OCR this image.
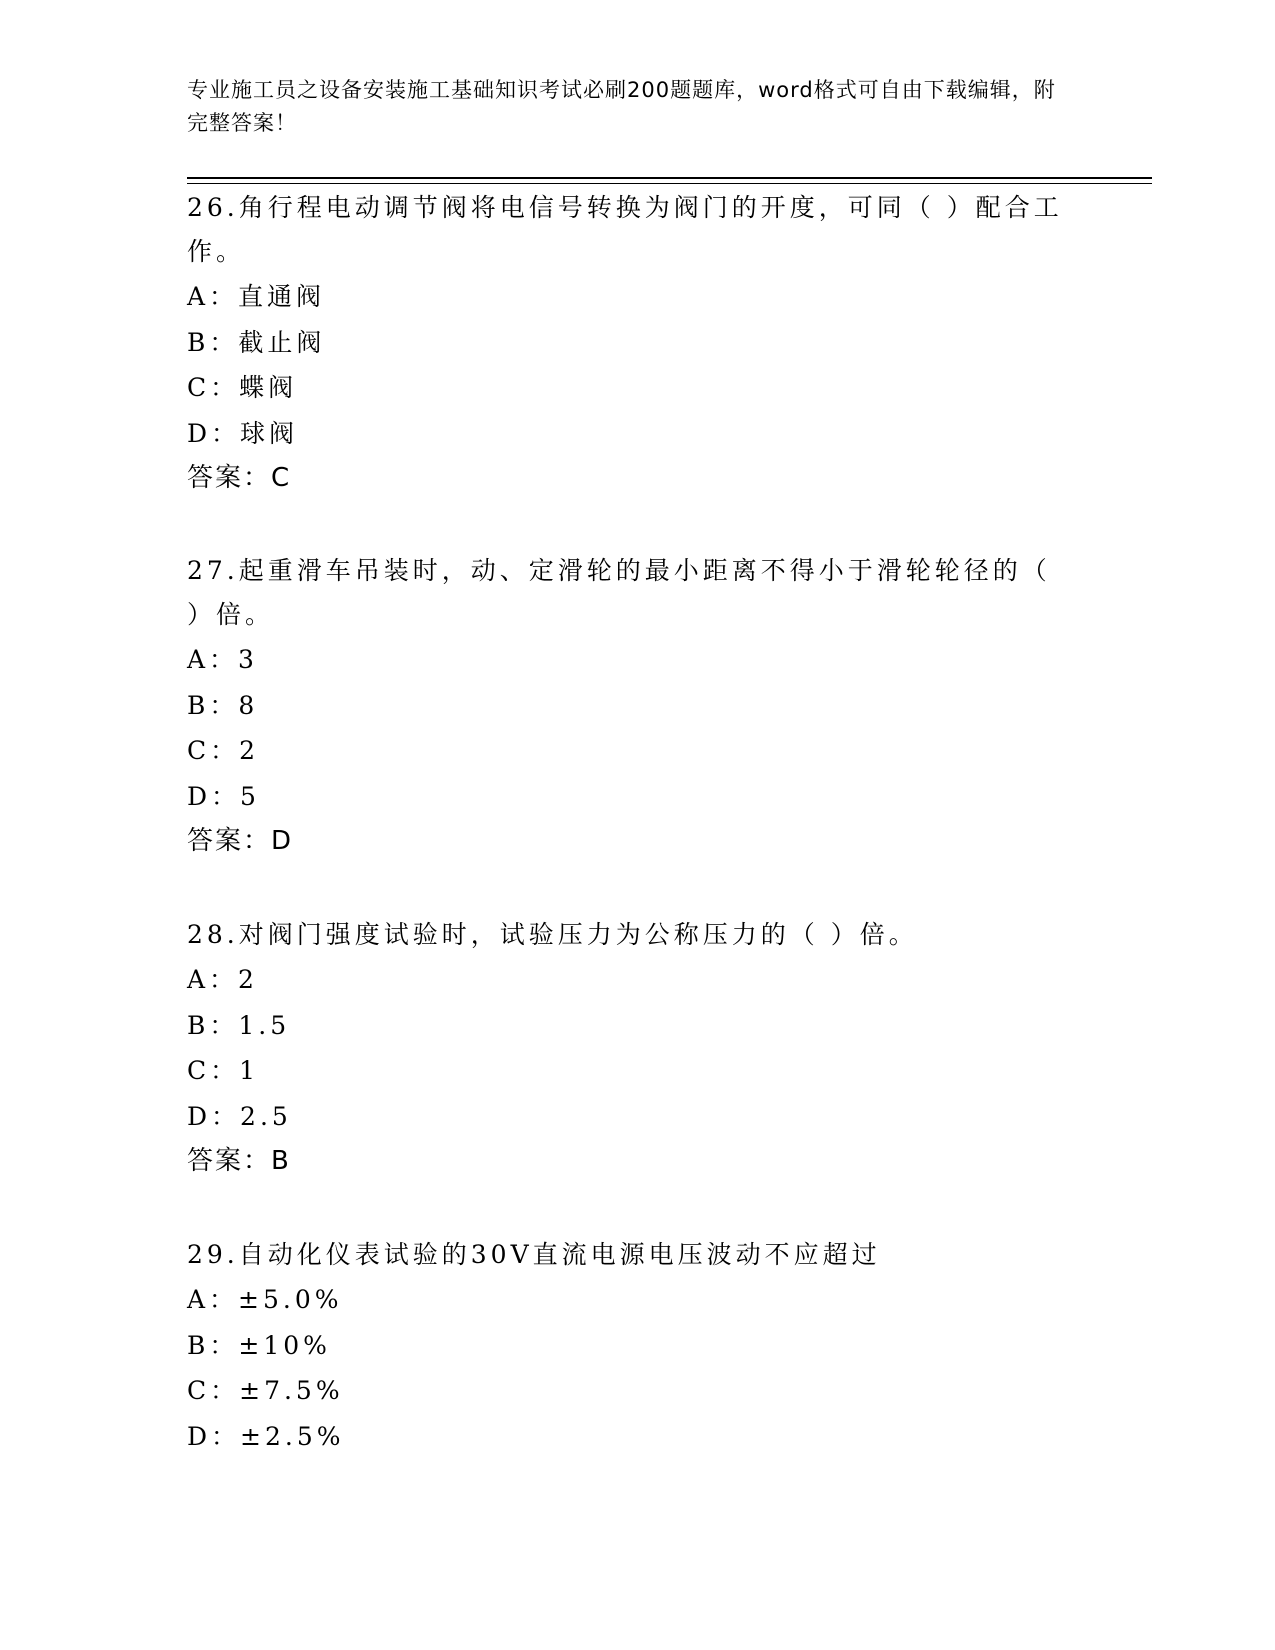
专业施工员之设备安装施工基础知识考试必刷200题题库，word格式可自由下载编辑，附完整答案！

26.角行程电动调节阀将电信号转换为阀门的开度，可同（ ）配合工作。

A：直通阀

B：截止阀

C：蝶阀

D：球阀

答案：C

27.起重滑车吊装时，动、定滑轮的最小距离不得小于滑轮轮径的（ ）倍。

A：3

B：8

C：2

D：5

答案：D

28.对阀门强度试验时，试验压力为公称压力的（ ）倍。

A：2

B：1.5

C：1

D：2.5

答案：B

29.自动化仪表试验的30V直流电源电压波动不应超过

A：±5.0%

B：±10%

C：±7.5%

D：±2.5%
